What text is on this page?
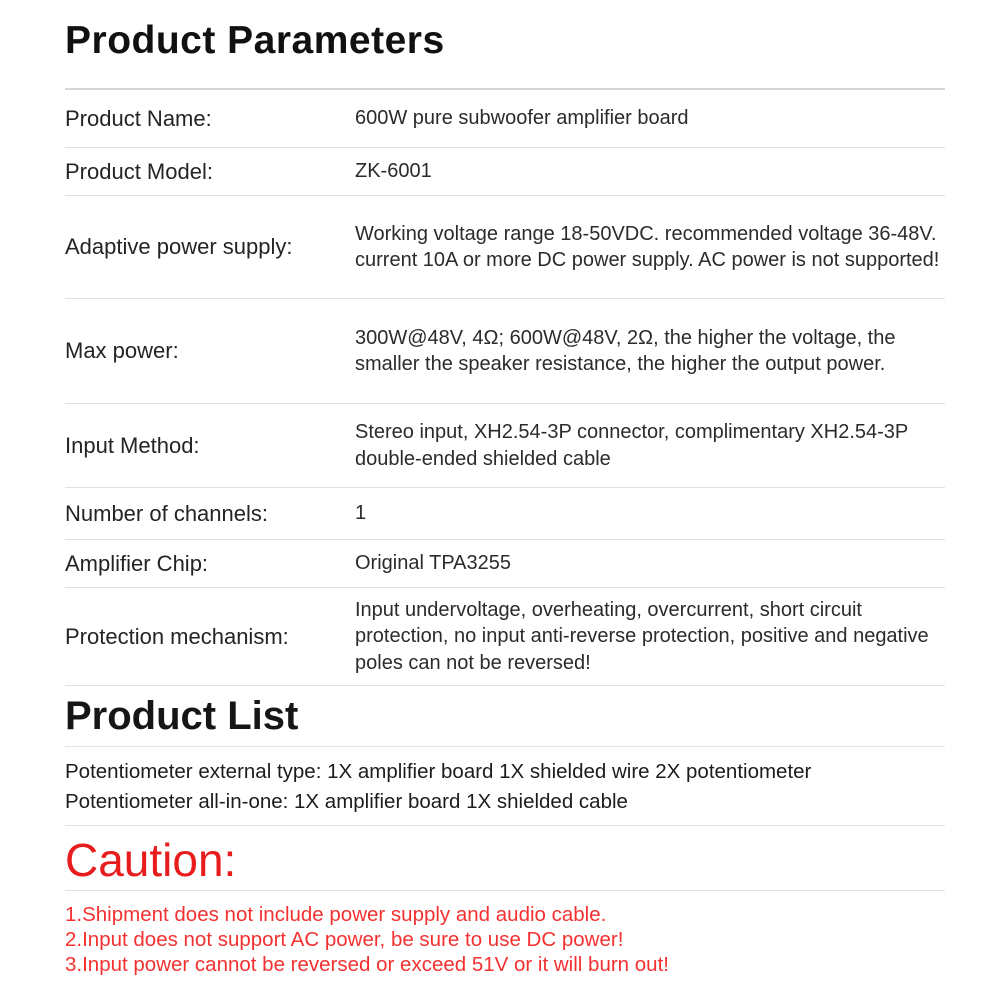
Product Parameters
Product Name:	600W pure subwoofer amplifier board
Product Model:	ZK-6001
Adaptive power supply:
Working voltage range 18-50VDC. recommended voltage 36-48V. current 10A or more DC power supply. AC power is not supported!
Max power:
300W@48V, 4Ω; 600W@48V, 2Ω, the higher the voltage, the smaller the speaker resistance, the higher the output power.
Input Method:
Stereo input, XH2.54-3P connector, complimentary XH2.54-3P double-ended shielded cable
Number of channels:	1
Amplifier Chip:	Original TPA3255
Protection mechanism:
Input undervoltage, overheating, overcurrent, short circuit protection, no input anti-reverse protection, positive and negative poles can not be reversed!
Product List
Potentiometer external type: 1X amplifier board 1X shielded wire 2X potentiometer
Potentiometer all-in-one: 1X amplifier board 1X shielded cable
Caution:
1.Shipment does not include power supply and audio cable.
2.Input does not support AC power, be sure to use DC power!
3.Input power cannot be reversed or exceed 51V or it will burn out!
